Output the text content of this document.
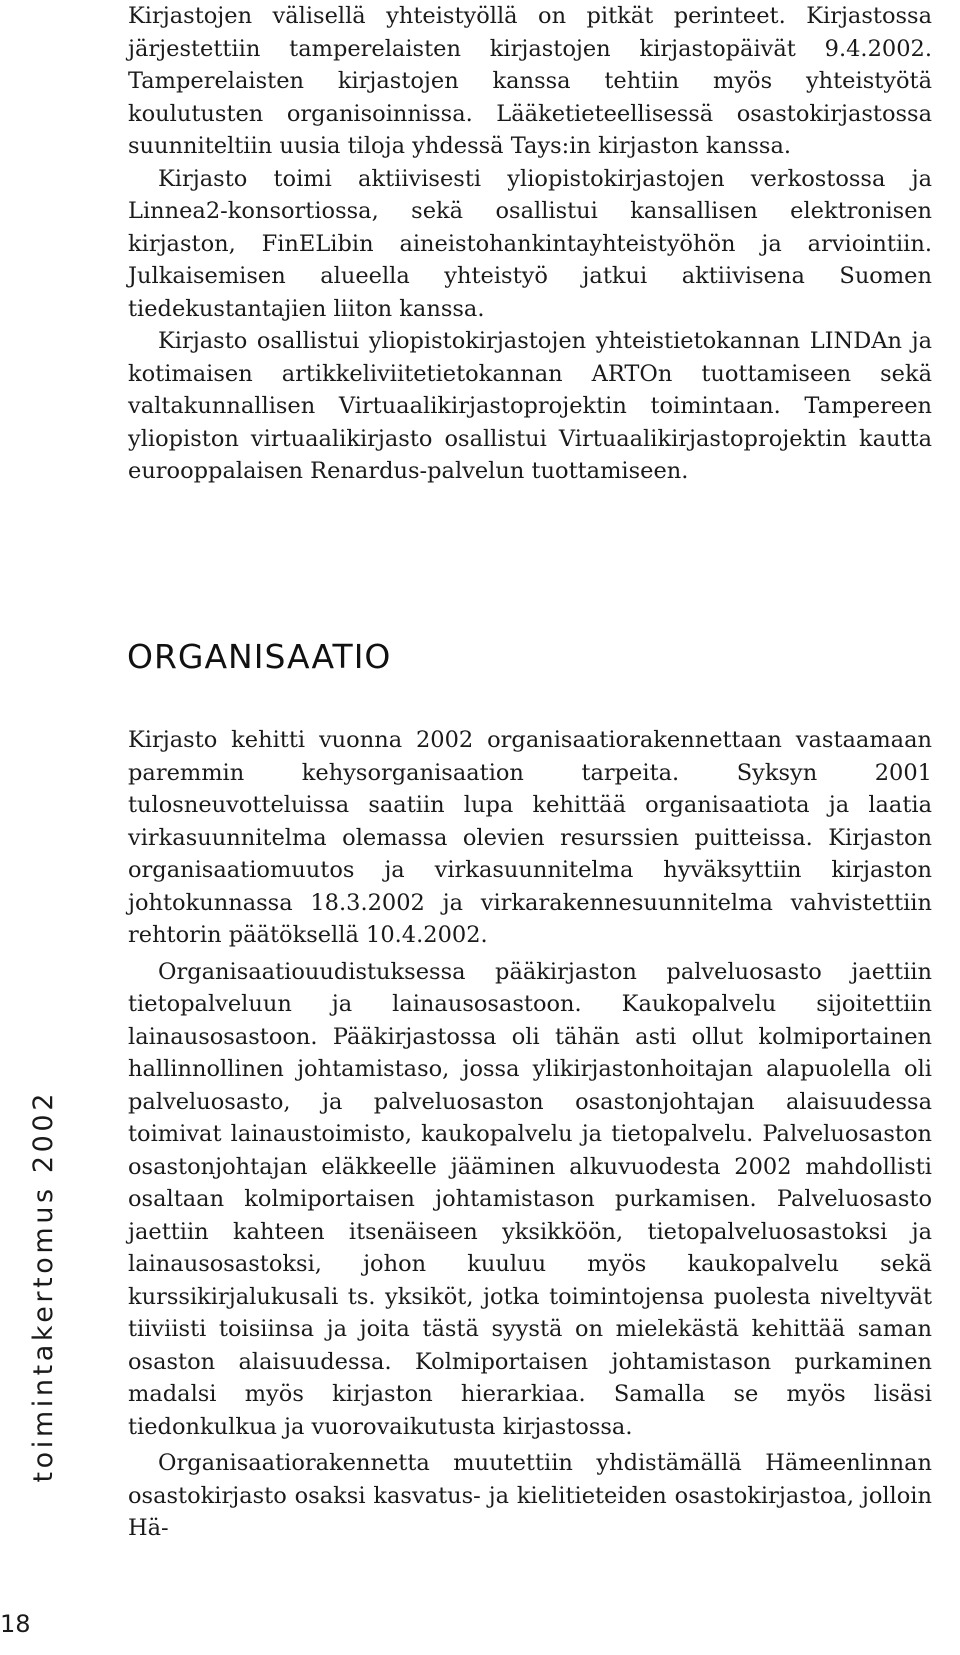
Kirjastojen välisellä yhteistyöllä on pitkät perinteet. Kirjastossa järjestettiin tamperelaisten kirjastojen kirjastopäivät 9.4.2002. Tamperelaisten kirjastojen kanssa tehtiin myös yhteistyötä koulutusten organisoinnissa. Lääketieteellisessä osastokirjastossa suunniteltiin uusia tiloja yhdessä Tays:in kirjaston kanssa.

Kirjasto toimi aktiivisesti yliopistokirjastojen verkostossa ja Linnea2-konsortiossa, sekä osallistui kansallisen elektronisen kirjaston, FinELibin aineistohankintayhteistyöhön ja arviointiin. Julkaisemisen alueella yhteistyö jatkui aktiivisena Suomen tiedekustantajien liiton kanssa.

Kirjasto osallistui yliopistokirjastojen yhteistietokannan LINDAn ja kotimaisen artikkeliviitetietokannan ARTOn tuottamiseen sekä valtakunnallisen Virtuaalikirjastoprojektin toimintaan. Tampereen yliopiston virtuaalikirjasto osallistui Virtuaalikirjastoprojektin kautta eurooppalaisen Renardus-palvelun tuottamiseen.

ORGANISAATIO

Kirjasto kehitti vuonna 2002 organisaatiorakennettaan vastaamaan paremmin kehysorganisaation tarpeita. Syksyn 2001 tulosneuvotteluissa saatiin lupa kehittää organisaatiota ja laatia virkasuunnitelma olemassa olevien resurssien puitteissa. Kirjaston organisaatiomuutos ja virkasuunnitelma hyväksyttiin kirjaston johtokunnassa 18.3.2002 ja virkarakennesuunnitelma vahvistettiin rehtorin päätöksellä 10.4.2002.

Organisaatiouudistuksessa pääkirjaston palveluosasto jaettiin tietopalveluun ja lainausosastoon. Kaukopalvelu sijoitettiin lainausosastoon. Pääkirjastossa oli tähän asti ollut kolmiportainen hallinnollinen johtamistaso, jossa ylikirjastonhoitajan alapuolella oli palveluosasto, ja palveluosaston osastonjohtajan alaisuudessa toimivat lainaustoimisto, kaukopalvelu ja tietopalvelu. Palveluosaston osastonjohtajan eläkkeelle jääminen alkuvuodesta 2002 mahdollisti osaltaan kolmiportaisen johtamistason purkamisen. Palveluosasto jaettiin kahteen itsenäiseen yksikköön, tietopalveluosastoksi ja lainausosastoksi, johon kuuluu myös kaukopalvelu sekä kurssikirjalukusali ts. yksiköt, jotka toimintojensa puolesta niveltyvät tiiviisti toisiinsa ja joita tästä syystä on mielekästä kehittää saman osaston alaisuudessa. Kolmiportaisen johtamistason purkaminen madalsi myös kirjaston hierarkiaa. Samalla se myös lisäsi tiedonkulkua ja vuorovaikutusta kirjastossa.

Organisaatiorakennetta muutettiin yhdistämällä Hämeenlinnan osastokirjasto osaksi kasvatus- ja kielitieteiden osastokirjastoa, jolloin Hä-

toimintakertomus 2002
18
